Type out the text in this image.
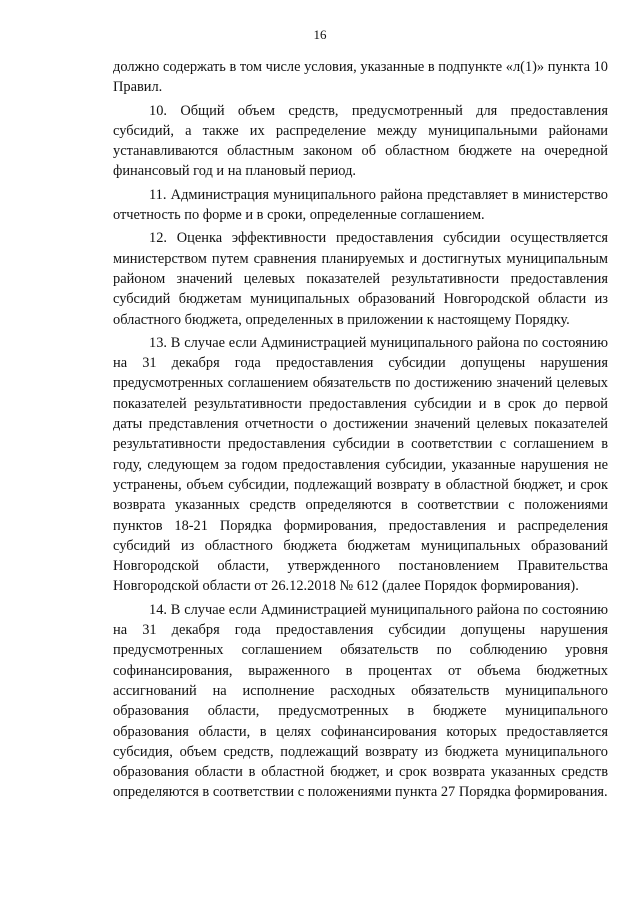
16

должно содержать в том числе условия, указанные в подпункте «л(1)» пункта 10 Правил.

10. Общий объем средств, предусмотренный для предоставления субсидий, а также их распределение между муниципальными районами устанавливаются областным законом об областном бюджете на очередной финансовый год и на плановый период.

11. Администрация муниципального района представляет в министерство отчетность по форме и в сроки, определенные соглашением.

12. Оценка эффективности предоставления субсидии осуществляется министерством путем сравнения планируемых и достигнутых муниципальным районом значений целевых показателей результативности предоставления субсидий бюджетам муниципальных образований Новгородской области из областного бюджета, определенных в приложении к настоящему Порядку.

13. В случае если Администрацией муниципального района по состоянию на 31 декабря года предоставления субсидии допущены нарушения предусмотренных соглашением обязательств по достижению значений целевых показателей результативности предоставления субсидии и в срок до первой даты представления отчетности о достижении значений целевых показателей результативности предоставления субсидии в соответствии с соглашением в году, следующем за годом предоставления субсидии, указанные нарушения не устранены, объем субсидии, подлежащий возврату в областной бюджет, и срок возврата указанных средств определяются в соответствии с положениями пунктов 18-21 Порядка формирования, предоставления и распределения субсидий из областного бюджета бюджетам муниципальных образований Новгородской области, утвержденного постановлением Правительства Новгородской области от 26.12.2018 № 612 (далее Порядок формирования).

14. В случае если Администрацией муниципального района по состоянию на 31 декабря года предоставления субсидии допущены нарушения предусмотренных соглашением обязательств по соблюдению уровня софинансирования, выраженного в процентах от объема бюджетных ассигнований на исполнение расходных обязательств муниципального образования области, предусмотренных в бюджете муниципального образования области, в целях софинансирования которых предоставляется субсидия, объем средств, подлежащий возврату из бюджета муниципального образования области в областной бюджет, и срок возврата указанных средств определяются в соответствии с положениями пункта 27 Порядка формирования.
